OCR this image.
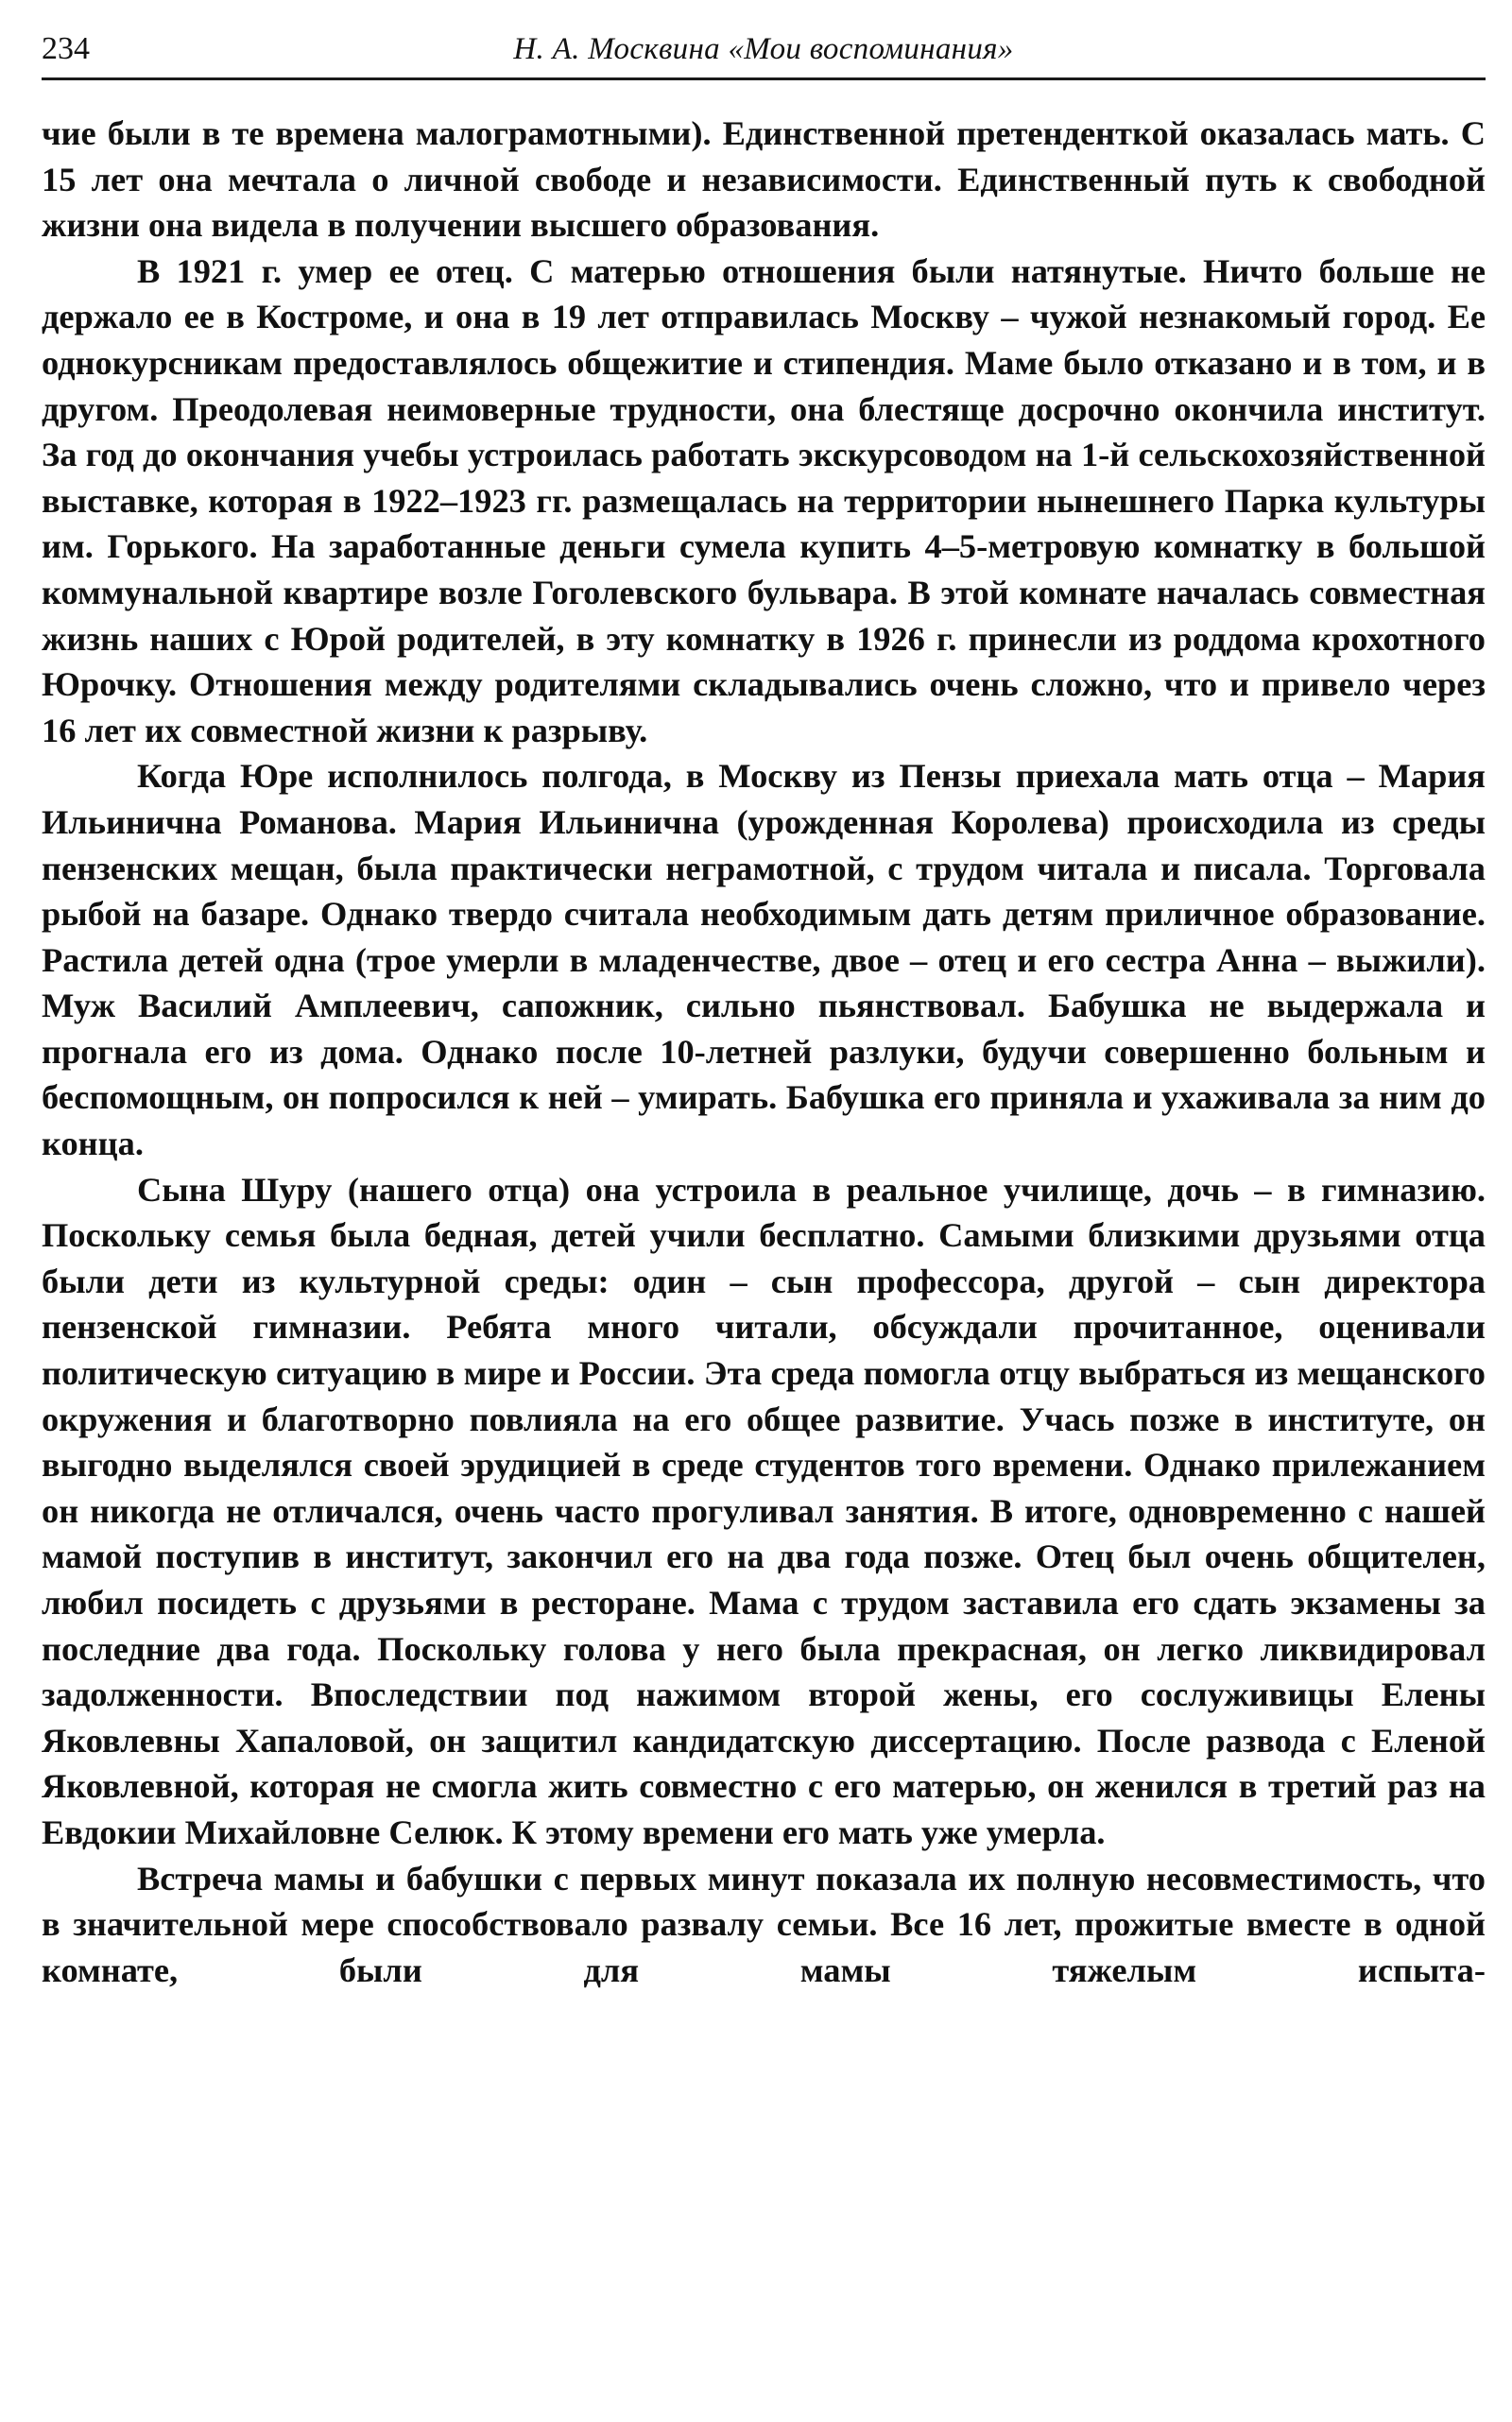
234	Н. А. Москвина «Мои воспоминания»

чие были в те времена малограмотными). Единственной претенденткой оказалась мать. С 15 лет она мечтала о личной свободе и независимости. Единственный путь к свободной жизни она видела в получении высшего образования.

В 1921 г. умер ее отец. С матерью отношения были натянутые. Ничто больше не держало ее в Костроме, и она в 19 лет отправилась Москву – чужой незнакомый город. Ее однокурсникам предоставлялось общежитие и стипендия. Маме было отказано и в том, и в другом. Преодолевая неимоверные трудности, она блестяще досрочно окончила институт. За год до окончания учебы устроилась работать экскурсоводом на 1-й сельскохозяйственной выставке, которая в 1922–1923 гг. размещалась на территории нынешнего Парка культуры им. Горького. На заработанные деньги сумела купить 4–5-метровую комнатку в большой коммунальной квартире возле Гоголевского бульвара. В этой комнате началась совместная жизнь наших с Юрой родителей, в эту комнатку в 1926 г. принесли из роддома крохотного Юрочку. Отношения между родителями складывались очень сложно, что и привело через 16 лет их совместной жизни к разрыву.

Когда Юре исполнилось полгода, в Москву из Пензы приехала мать отца – Мария Ильинична Романова. Мария Ильинична (урожденная Королева) происходила из среды пензенских мещан, была практически неграмотной, с трудом читала и писала. Торговала рыбой на базаре. Однако твердо считала необходимым дать детям приличное образование. Растила детей одна (трое умерли в младенчестве, двое – отец и его сестра Анна – выжили). Муж Василий Амплеевич, сапожник, сильно пьянствовал. Бабушка не выдержала и прогнала его из дома. Однако после 10-летней разлуки, будучи совершенно больным и беспомощным, он попросился к ней – умирать. Бабушка его приняла и ухаживала за ним до конца.

Сына Шуру (нашего отца) она устроила в реальное училище, дочь – в гимназию. Поскольку семья была бедная, детей учили бесплатно. Самыми близкими друзьями отца были дети из культурной среды: один – сын профессора, другой – сын директора пензенской гимназии. Ребята много читали, обсуждали прочитанное, оценивали политическую ситуацию в мире и России. Эта среда помогла отцу выбраться из мещанского окружения и благотворно повлияла на его общее развитие. Учась позже в институте, он выгодно выделялся своей эрудицией в среде студентов того времени. Однако прилежанием он никогда не отличался, очень часто прогуливал занятия. В итоге, одновременно с нашей мамой поступив в институт, закончил его на два года позже. Отец был очень общителен, любил посидеть с друзьями в ресторане. Мама с трудом заставила его сдать экзамены за последние два года. Поскольку голова у него была прекрасная, он легко ликвидировал задолженности. Впоследствии под нажимом второй жены, его сослуживицы Елены Яковлевны Хапаловой, он защитил кандидатскую диссертацию. После развода с Еленой Яковлевной, которая не смогла жить совместно с его матерью, он женился в третий раз на Евдокии Михайловне Селюк. К этому времени его мать уже умерла.

Встреча мамы и бабушки с первых минут показала их полную несовместимость, что в значительной мере способствовало развалу семьи. Все 16 лет, прожитые вместе в одной комнате, были для мамы тяжелым испыта-
